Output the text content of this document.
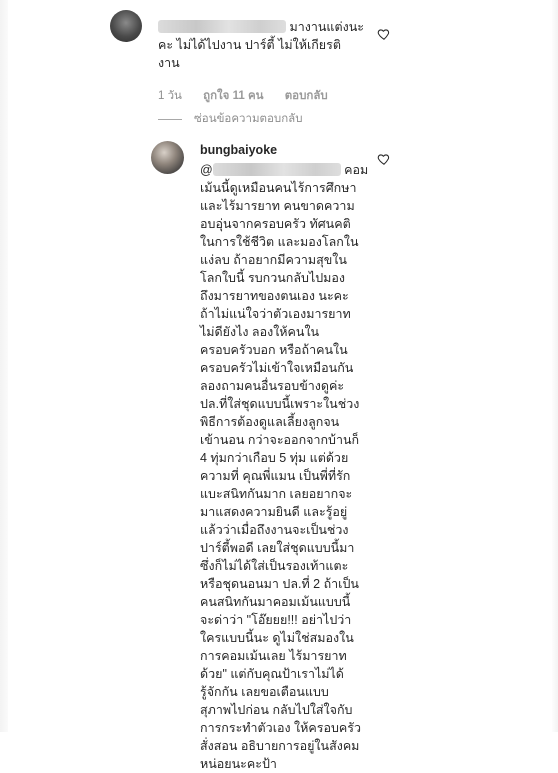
มางานแต่งนะ
คะ ไม่ได้ไปงาน ปาร์ตี้ ไม่ให้เกียรติ
งาน
1 วัน ถูกใจ 11 คน ตอบกลับ
ซ่อนข้อความตอบกลับ
bungbaiyoke
@	คอม
เม้นนี้ดูเหมือนคนไร้การศึกษา
และไร้มารยาท คนขาดความ
อบอุ่นจากครอบครัว ทัศนคติ
ในการใช้ชีวิต และมองโลกใน
แง่ลบ ถ้าอยากมีความสุขใน
โลกใบนี้ รบกวนกลับไปมอง
ถึงมารยาทของตนเอง นะคะ
ถ้าไม่แน่ใจว่าตัวเองมารยาท
ไม่ดียังไง ลองให้คนใน
ครอบครัวบอก หรือถ้าคนใน
ครอบครัวไม่เข้าใจเหมือนกัน
ลองถามคนอื่นรอบข้างดูค่ะ
ปล.ที่ใส่ชุดแบบนี้เพราะในช่วง
พิธีการต้องดูแลเลี้ยงลูกจน
เข้านอน กว่าจะออกจากบ้านก็
4 ทุ่มกว่าเกือบ 5 ทุ่ม แต่ด้วย
ความที่ คุณพี่แมน เป็นพี่ที่รัก
แบะสนิทกันมาก เลยอยากจะ
มาแสดงความยินดี และรู้อยู่
แล้วว่าเมื่อถึงงานจะเป็นช่วง
ปาร์ตี้พอดี เลยใส่ชุดแบบนี้มา
ซึ่งก็ไม่ได้ใส่เป็นรองเท้าแตะ
หรือชุดนอนมา ปล.ที่ 2 ถ้าเป็น
คนสนิทกันมาคอมเม้นแบบนี้
จะด่าว่า "โอ๊ยยย!!! อย่าไปว่า
ใครแบบนี้นะ ดูไม่ใช่สมองใน
การคอมเม้นเลย ไร้มารยาท
ด้วย" แต่กับคุณป้าเราไม่ได้
รู้จักกัน เลยขอเตือนแบบ
สุภาพไปก่อน กลับไปใส่ใจกับ
การกระทำตัวเอง ให้ครอบครัว
สั่งสอน อธิบายการอยู่ในสังคม
หน่อยนะคะป้า
